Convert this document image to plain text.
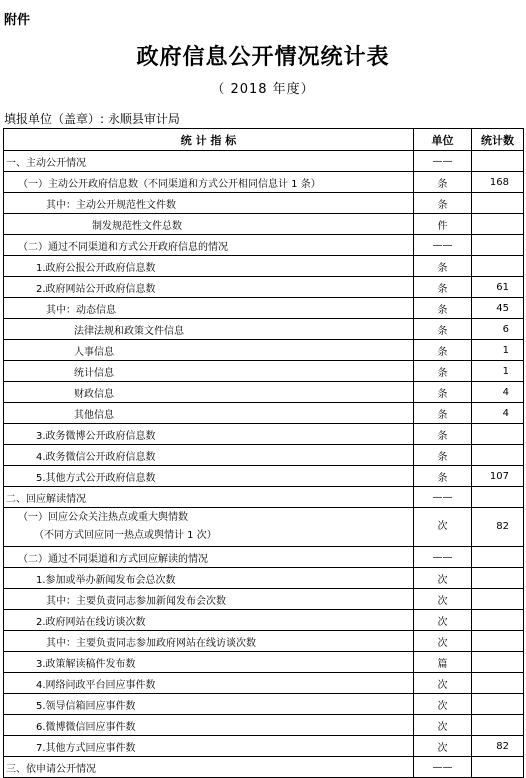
附件
政府信息公开情况统计表
（ 2018 年度）
填报单位（盖章）: 永顺县审计局
统 计 指 标	单位	统计数
一、主动公开情况	——	
（一）主动公开政府信息数（不同渠道和方式公开相同信息计 1 条）	条	168
其中：主动公开规范性文件数	条	
制发规范性文件总数	件	
（二）通过不同渠道和方式公开政府信息的情况	——	
1.政府公报公开政府信息数	条	
2.政府网站公开政府信息数	条	61
其中：动态信息	条	45
法律法规和政策文件信息	条	6
人事信息	条	1
统计信息	条	1
财政信息	条	4
其他信息	条	4
3.政务微博公开政府信息数	条	
4.政务微信公开政府信息数	条	
5.其他方式公开政府信息数	条	107
二、回应解读情况	——	
（一）回应公众关注热点或重大舆情数

（不同方式回应同一热点或舆情计 1 次）	次	82
（二）通过不同渠道和方式回应解读的情况	——	
1.参加或举办新闻发布会总次数	次	
其中：主要负责同志参加新闻发布会次数	次	
2.政府网站在线访谈次数	次	
其中：主要负责同志参加政府网站在线访谈次数	次	
3.政策解读稿件发布数	篇	
4.网络问政平台回应事件数	次	
5.领导信箱回应事件数	次	
6.微博微信回应事件数	次	
7.其他方式回应事件数	次	82
三、依申请公开情况	——	
